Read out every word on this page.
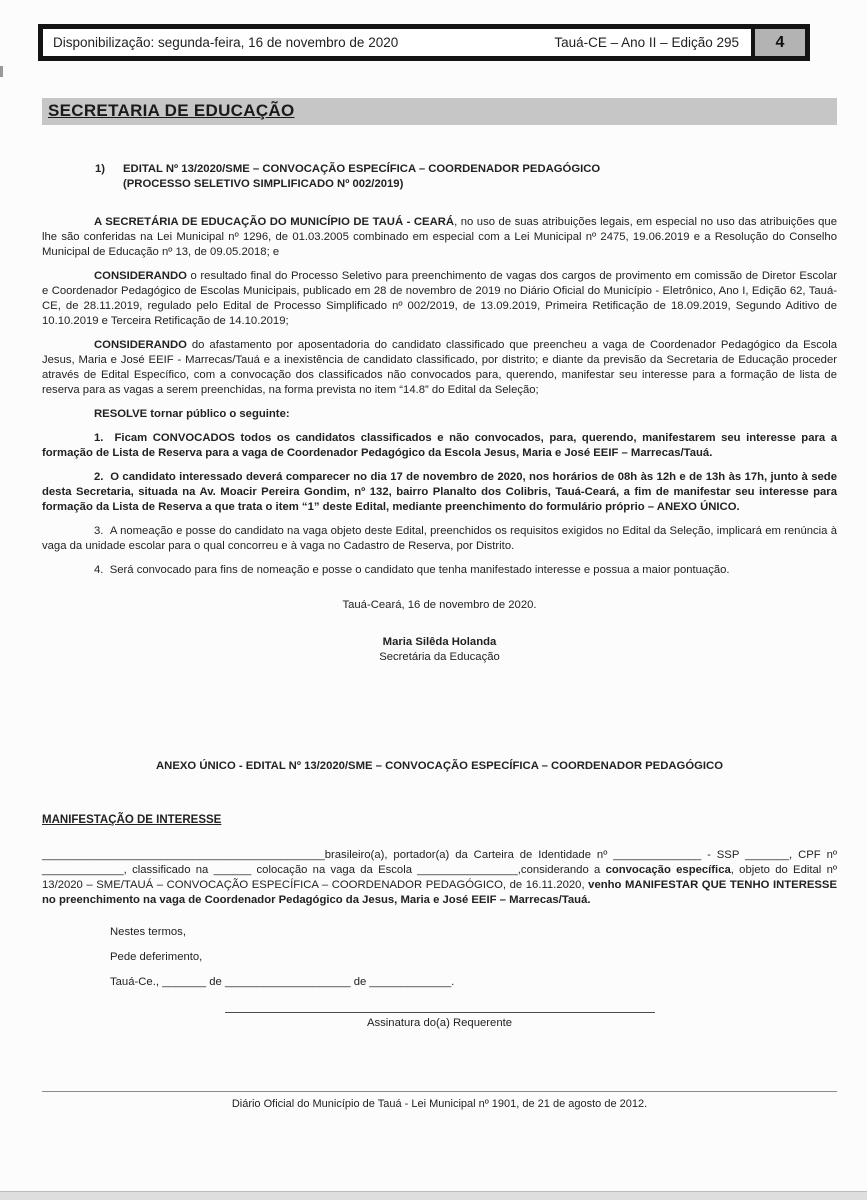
Disponibilização: segunda-feira, 16 de novembro de 2020	Tauá-CE – Ano II – Edição 295	4
SECRETARIA DE EDUCAÇÃO
1)	EDITAL Nº 13/2020/SME – CONVOCAÇÃO ESPECÍFICA – COORDENADOR PEDAGÓGICO
(PROCESSO SELETIVO SIMPLIFICADO Nº 002/2019)

A SECRETÁRIA DE EDUCAÇÃO DO MUNICÍPIO DE TAUÁ - CEARÁ, no uso de suas atribuições legais, em especial no uso das atribuições que lhe são conferidas na Lei Municipal nº 1296, de 01.03.2005 combinado em especial com a Lei Municipal nº 2475, 19.06.2019 e a Resolução do Conselho Municipal de Educação nº 13, de 09.05.2018; e

CONSIDERANDO o resultado final do Processo Seletivo para preenchimento de vagas dos cargos de provimento em comissão de Diretor Escolar e Coordenador Pedagógico de Escolas Municipais, publicado em 28 de novembro de 2019 no Diário Oficial do Município - Eletrônico, Ano I, Edição 62, Tauá-CE, de 28.11.2019, regulado pelo Edital de Processo Simplificado nº 002/2019, de 13.09.2019, Primeira Retificação de 18.09.2019, Segundo Aditivo de 10.10.2019 e Terceira Retificação de 14.10.2019;

CONSIDERANDO do afastamento por aposentadoria do candidato classificado que preencheu a vaga de Coordenador Pedagógico da Escola Jesus, Maria e José EEIF - Marrecas/Tauá e a inexistência de candidato classificado, por distrito; e diante da previsão da Secretaria de Educação proceder através de Edital Específico, com a convocação dos classificados não convocados para, querendo, manifestar seu interesse para a formação de lista de reserva para as vagas a serem preenchidas, na forma prevista no item “14.8” do Edital da Seleção;

RESOLVE tornar público o seguinte:

1.  Ficam CONVOCADOS todos os candidatos classificados e não convocados, para, querendo, manifestarem seu interesse para a formação de Lista de Reserva para a vaga de Coordenador Pedagógico da Escola Jesus, Maria e José EEIF – Marrecas/Tauá.

2.  O candidato interessado deverá comparecer no dia 17 de novembro de 2020, nos horários de 08h às 12h e de 13h às 17h, junto à sede desta Secretaria, situada na Av. Moacir Pereira Gondim, nº 132, bairro Planalto dos Colibris, Tauá-Ceará, a fim de manifestar seu interesse para formação da Lista de Reserva a que trata o item “1” deste Edital, mediante preenchimento do formulário próprio – ANEXO ÚNICO.

3.  A nomeação e posse do candidato na vaga objeto deste Edital, preenchidos os requisitos exigidos no Edital da Seleção, implicará em renúncia à vaga da unidade escolar para o qual concorreu e à vaga no Cadastro de Reserva, por Distrito.

4.  Será convocado para fins de nomeação e posse o candidato que tenha manifestado interesse e possua a maior pontuação.

Tauá-Ceará, 16 de novembro de 2020.

Maria Silêda Holanda
Secretária da Educação

ANEXO ÚNICO - EDITAL Nº 13/2020/SME – CONVOCAÇÃO ESPECÍFICA – COORDENADOR PEDAGÓGICO

MANIFESTAÇÃO DE INTERESSE

_____________________________________________brasileiro(a), portador(a) da Carteira de Identidade nº ______________ - SSP _______, CPF nº _____________, classificado na ______ colocação na vaga da Escola ________________,considerando a convocação específica, objeto do Edital nº 13/2020 – SME/TAUÁ – CONVOCAÇÃO ESPECÍFICA – COORDENADOR PEDAGÓGICO, de 16.11.2020, venho MANIFESTAR QUE TENHO INTERESSE no preenchimento na vaga de Coordenador Pedagógico da Jesus, Maria e José EEIF – Marrecas/Tauá.

Nestes termos,

Pede deferimento,

Tauá-Ce., _______ de ____________________ de _____________.

Assinatura do(a) Requerente
Diário Oficial do Município de Tauá - Lei Municipal nº 1901, de 21 de agosto de 2012.
